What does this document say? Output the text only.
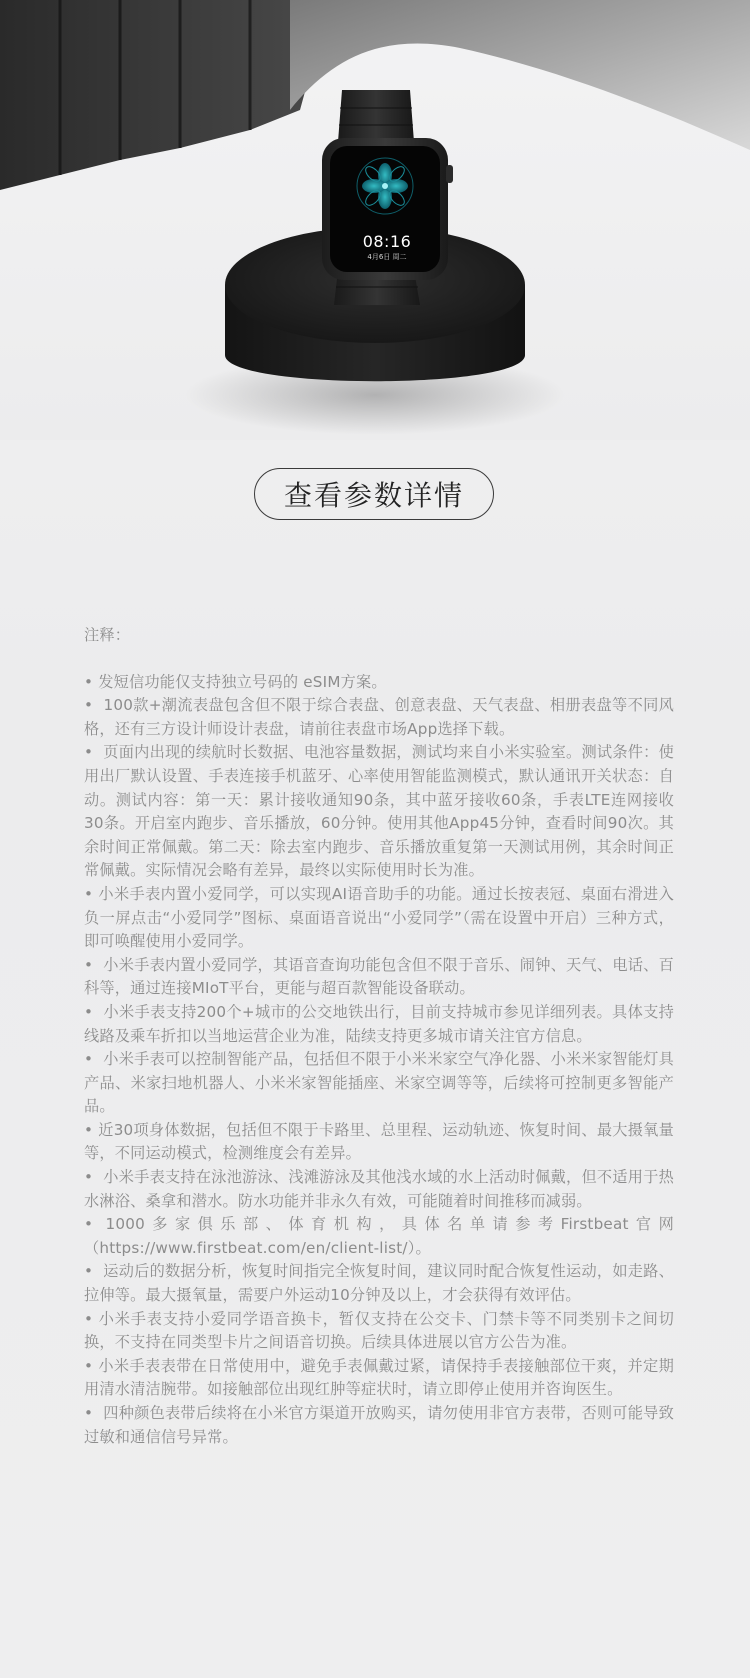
08:16
4月6日 周二
查看参数详情
注释：
• 发短信功能仅支持独立号码的 eSIM方案。
•  100款+潮流表盘包含但不限于综合表盘、创意表盘、天气表盘、相册表盘等不同风格，还有三方设计师设计表盘，请前往表盘市场App选择下载。
•  页面内出现的续航时长数据、电池容量数据，测试均来自小米实验室。测试条件：使用出厂默认设置、手表连接手机蓝牙、心率使用智能监测模式，默认通讯开关状态：自动。测试内容：第一天：累计接收通知90条，其中蓝牙接收60条，手表LTE连网接收30条。开启室内跑步、音乐播放，60分钟。使用其他App45分钟，查看时间90次。其余时间正常佩戴。第二天：除去室内跑步、音乐播放重复第一天测试用例，其余时间正常佩戴。实际情况会略有差异，最终以实际使用时长为准。
• 小米手表内置小爱同学，可以实现AI语音助手的功能。通过长按表冠、桌面右滑进入负一屏点击“小爱同学”图标、桌面语音说出“小爱同学”（需在设置中开启）三种方式，即可唤醒使用小爱同学。
•  小米手表内置小爱同学，其语音查询功能包含但不限于音乐、闹钟、天气、电话、百科等，通过连接MIoT平台，更能与超百款智能设备联动。
•  小米手表支持200个+城市的公交地铁出行，目前支持城市参见详细列表。具体支持线路及乘车折扣以当地运营企业为准，陆续支持更多城市请关注官方信息。
•  小米手表可以控制智能产品，包括但不限于小米米家空气净化器、小米米家智能灯具产品、米家扫地机器人、小米米家智能插座、米家空调等等，后续将可控制更多智能产品。
• 近30项身体数据，包括但不限于卡路里、总里程、运动轨迹、恢复时间、最大摄氧量等，不同运动模式，检测维度会有差异。
•  小米手表支持在泳池游泳、浅滩游泳及其他浅水域的水上活动时佩戴，但不适用于热水淋浴、桑拿和潜水。防水功能并非永久有效，可能随着时间推移而减弱。
• 1000多家俱乐部、体育机构，具体名单请参考Firstbeat官网（https://www.firstbeat.com/en/client-list/）。
•  运动后的数据分析，恢复时间指完全恢复时间，建议同时配合恢复性运动，如走路、拉伸等。最大摄氧量，需要户外运动10分钟及以上，才会获得有效评估。
• 小米手表支持小爱同学语音换卡，暂仅支持在公交卡、门禁卡等不同类别卡之间切换，不支持在同类型卡片之间语音切换。后续具体进展以官方公告为准。
• 小米手表表带在日常使用中，避免手表佩戴过紧，请保持手表接触部位干爽，并定期用清水清洁腕带。如接触部位出现红肿等症状时，请立即停止使用并咨询医生。
•  四种颜色表带后续将在小米官方渠道开放购买，请勿使用非官方表带，否则可能导致过敏和通信信号异常。
